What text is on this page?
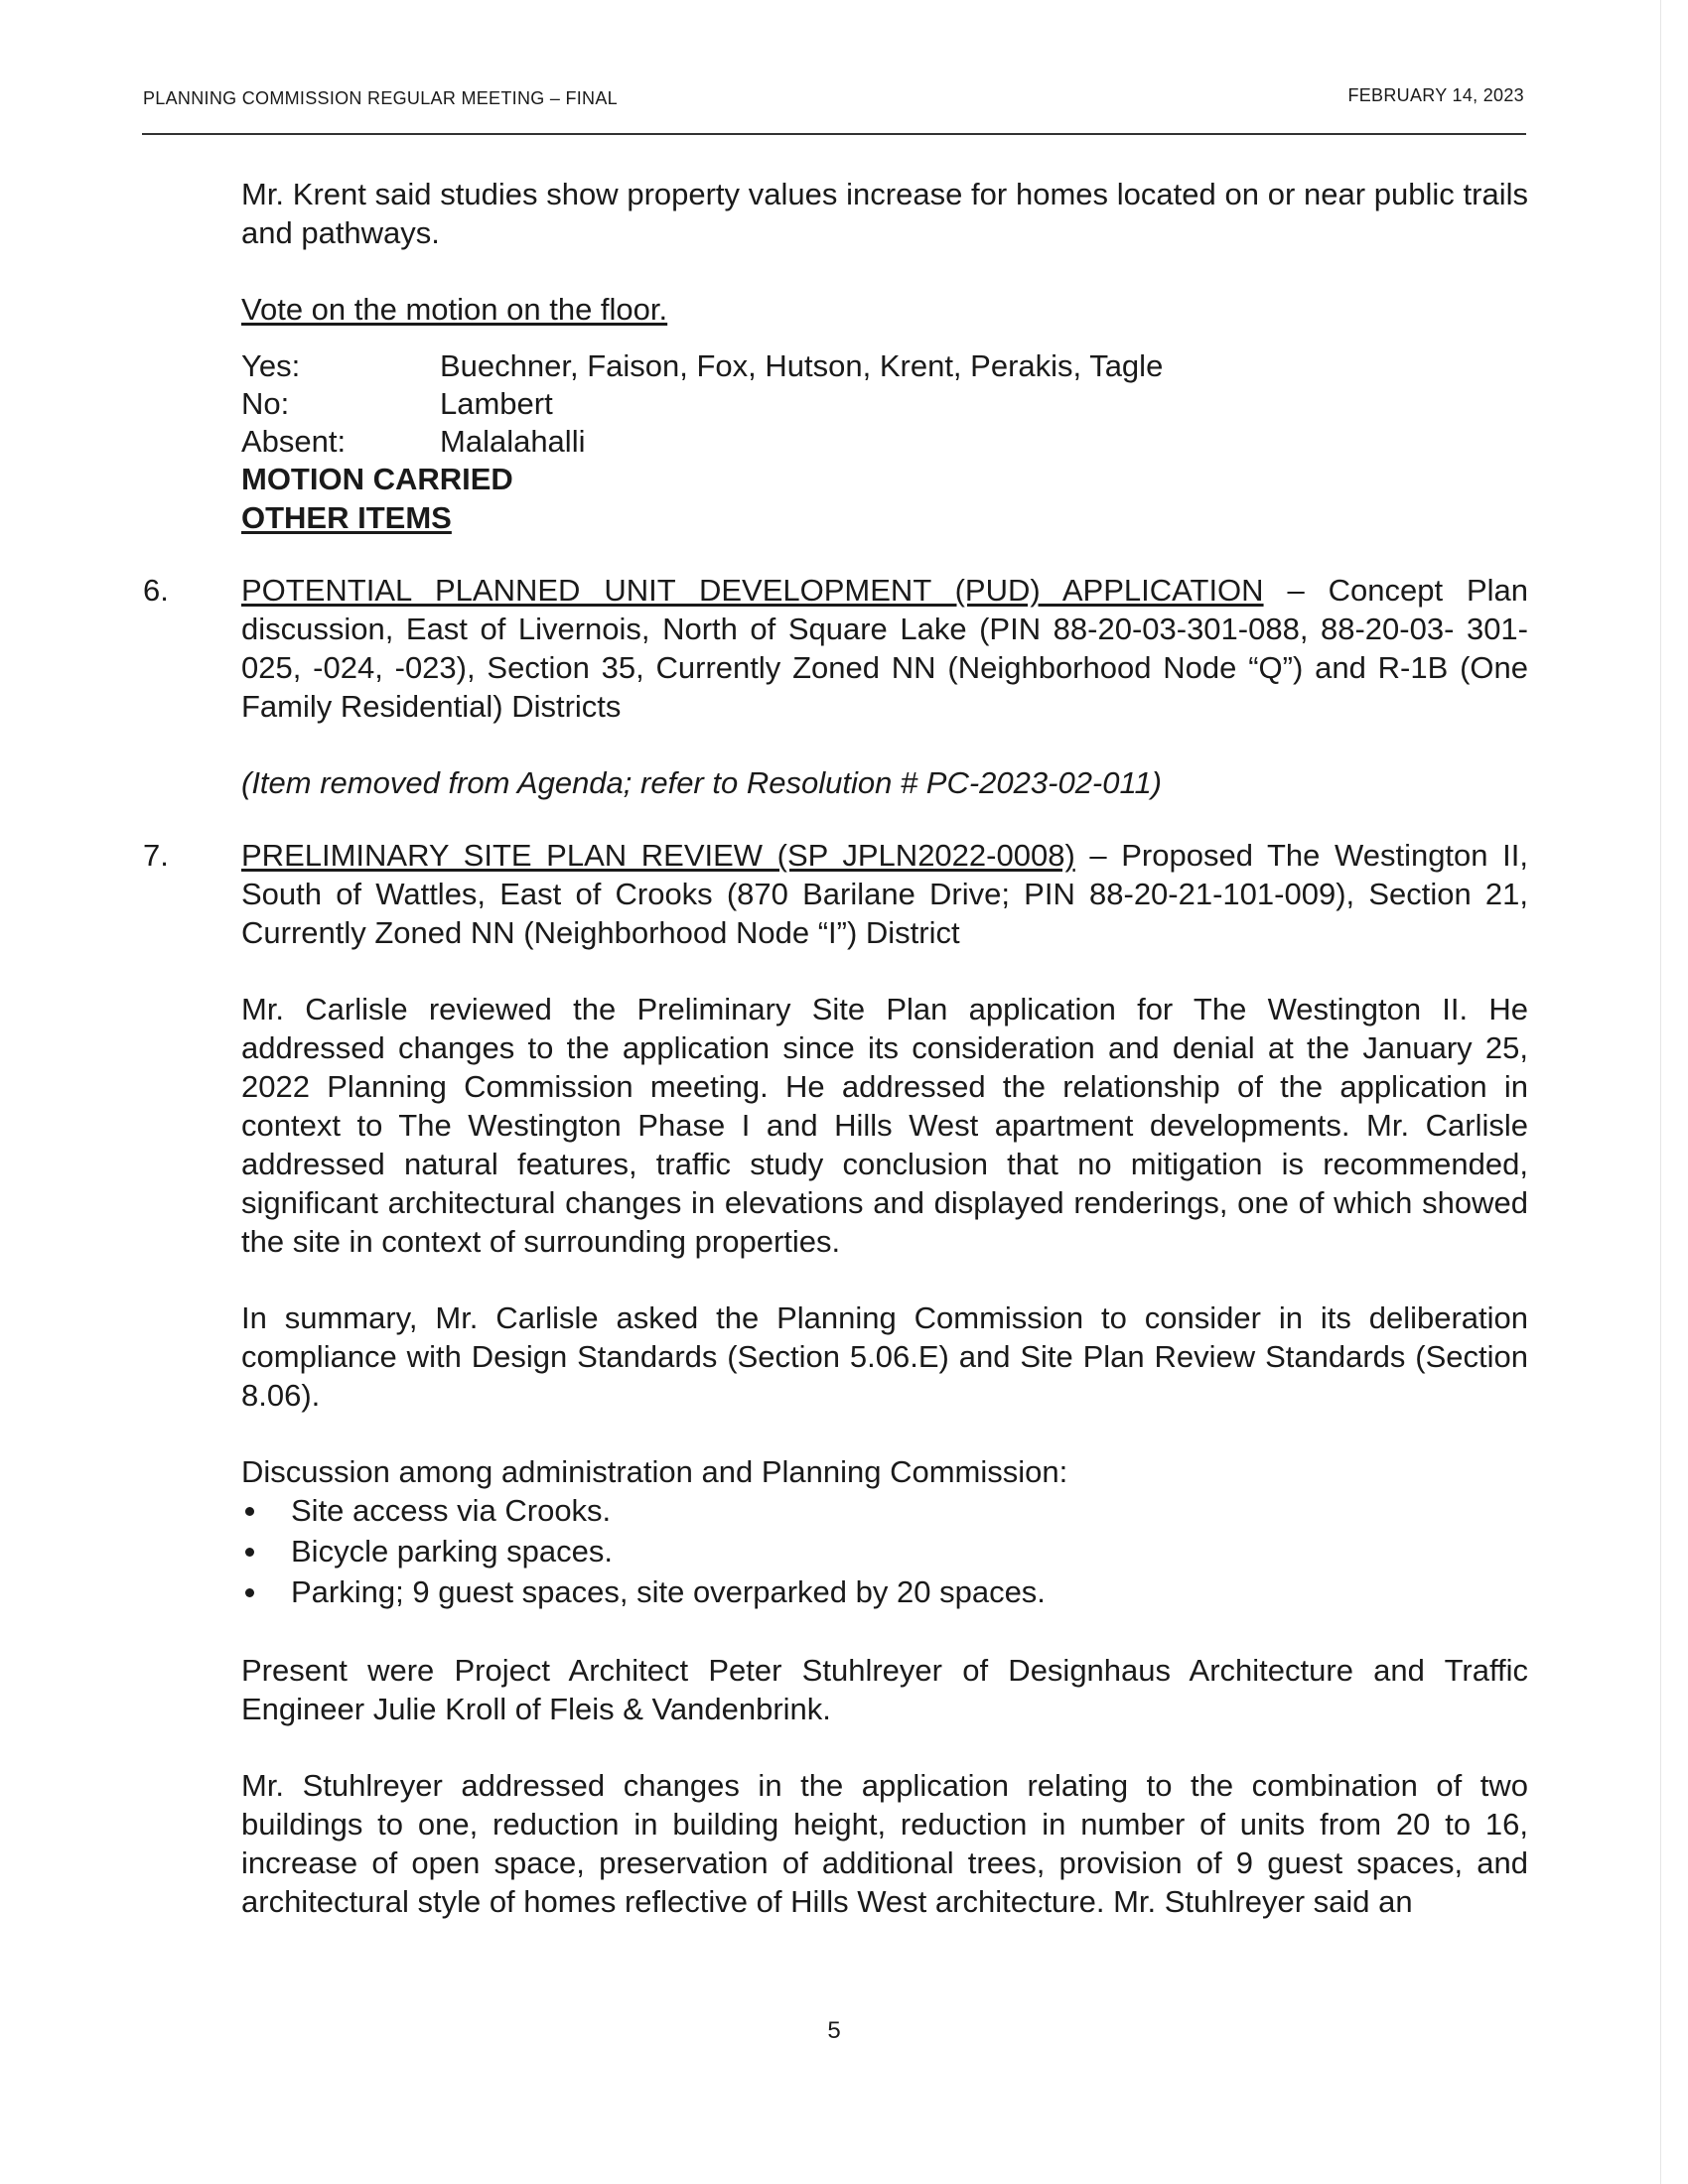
PLANNING COMMISSION REGULAR MEETING – FINAL	FEBRUARY 14, 2023

Mr. Krent said studies show property values increase for homes located on or near public trails and pathways.

Vote on the motion on the floor.

Yes:	Buechner, Faison, Fox, Hutson, Krent, Perakis, Tagle
No:	Lambert
Absent:	Malalahalli

MOTION CARRIED

OTHER ITEMS

6. POTENTIAL PLANNED UNIT DEVELOPMENT (PUD) APPLICATION – Concept Plan discussion, East of Livernois, North of Square Lake (PIN 88-20-03-301-088, 88-20-03- 301-025, -024, -023), Section 35, Currently Zoned NN (Neighborhood Node “Q”) and R-1B (One Family Residential) Districts

(Item removed from Agenda; refer to Resolution # PC-2023-02-011)

7. PRELIMINARY SITE PLAN REVIEW (SP JPLN2022-0008) – Proposed The Westington II, South of Wattles, East of Crooks (870 Barilane Drive; PIN 88-20-21-101-009), Section 21, Currently Zoned NN (Neighborhood Node “I”) District

Mr. Carlisle reviewed the Preliminary Site Plan application for The Westington II. He addressed changes to the application since its consideration and denial at the January 25, 2022 Planning Commission meeting. He addressed the relationship of the application in context to The Westington Phase I and Hills West apartment developments. Mr. Carlisle addressed natural features, traffic study conclusion that no mitigation is recommended, significant architectural changes in elevations and displayed renderings, one of which showed the site in context of surrounding properties.

In summary, Mr. Carlisle asked the Planning Commission to consider in its deliberation compliance with Design Standards (Section 5.06.E) and Site Plan Review Standards (Section 8.06).

Discussion among administration and Planning Commission:

Site access via Crooks.
Bicycle parking spaces.
Parking; 9 guest spaces, site overparked by 20 spaces.

Present were Project Architect Peter Stuhlreyer of Designhaus Architecture and Traffic Engineer Julie Kroll of Fleis & Vandenbrink.

Mr. Stuhlreyer addressed changes in the application relating to the combination of two buildings to one, reduction in building height, reduction in number of units from 20 to 16, increase of open space, preservation of additional trees, provision of 9 guest spaces, and architectural style of homes reflective of Hills West architecture. Mr. Stuhlreyer said an

5
